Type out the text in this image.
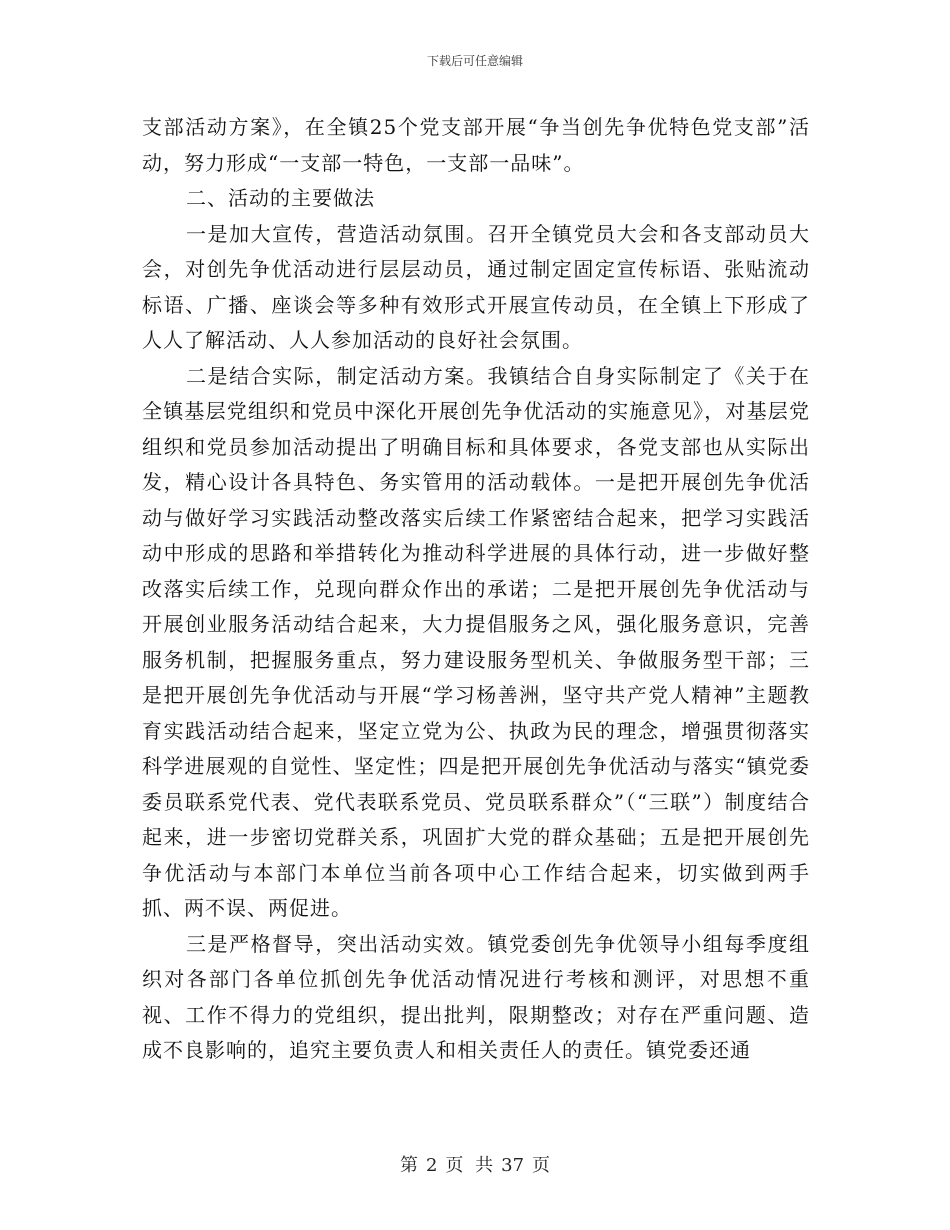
下载后可任意编辑

支部活动方案》，在全镇25个党支部开展“争当创先争优特色党支部”活动，努力形成“一支部一特色，一支部一品味”。

二、活动的主要做法

一是加大宣传，营造活动氛围。召开全镇党员大会和各支部动员大会，对创先争优活动进行层层动员，通过制定固定宣传标语、张贴流动标语、广播、座谈会等多种有效形式开展宣传动员，在全镇上下形成了人人了解活动、人人参加活动的良好社会氛围。

二是结合实际，制定活动方案。我镇结合自身实际制定了《关于在全镇基层党组织和党员中深化开展创先争优活动的实施意见》，对基层党组织和党员参加活动提出了明确目标和具体要求，各党支部也从实际出发，精心设计各具特色、务实管用的活动载体。一是把开展创先争优活动与做好学习实践活动整改落实后续工作紧密结合起来，把学习实践活动中形成的思路和举措转化为推动科学进展的具体行动，进一步做好整改落实后续工作，兑现向群众作出的承诺；二是把开展创先争优活动与开展创业服务活动结合起来，大力提倡服务之风，强化服务意识，完善服务机制，把握服务重点，努力建设服务型机关、争做服务型干部；三是把开展创先争优活动与开展“学习杨善洲，坚守共产党人精神”主题教育实践活动结合起来，坚定立党为公、执政为民的理念，增强贯彻落实科学进展观的自觉性、坚定性；四是把开展创先争优活动与落实“镇党委委员联系党代表、党代表联系党员、党员联系群众”（“三联”）制度结合起来，进一步密切党群关系，巩固扩大党的群众基础；五是把开展创先争优活动与本部门本单位当前各项中心工作结合起来，切实做到两手抓、两不误、两促进。

三是严格督导，突出活动实效。镇党委创先争优领导小组每季度组织对各部门各单位抓创先争优活动情况进行考核和测评，对思想不重视、工作不得力的党组织，提出批判，限期整改；对存在严重问题、造成不良影响的，追究主要负责人和相关责任人的责任。镇党委还通

第 2 页 共 37 页
